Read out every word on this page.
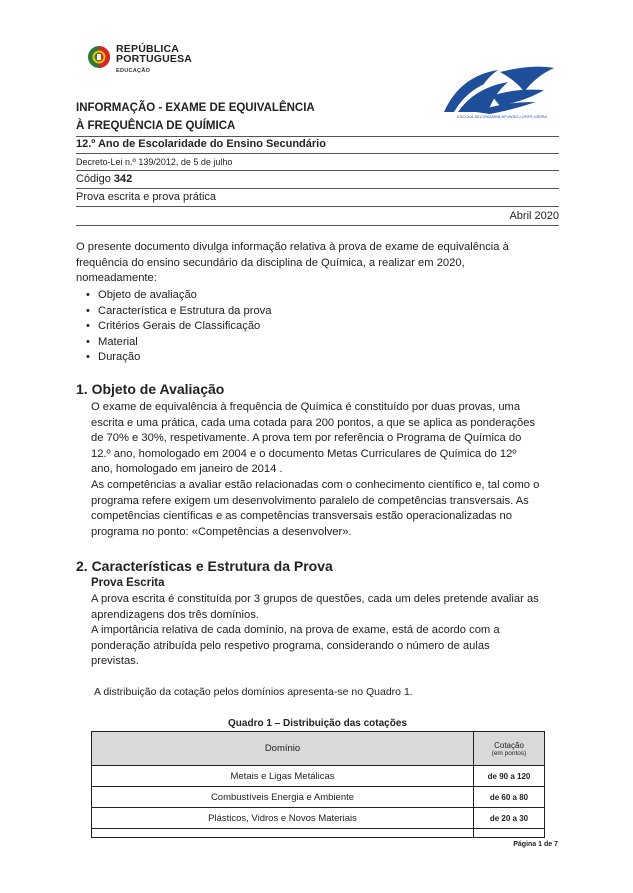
REPÚBLICA
PORTUGUESA
EDUCAÇÃO
ESCOLA SECUNDÁRIA AFONSO LOPES VIEIRA
INFORMAÇÃO - EXAME DE EQUIVALÊNCIA
À FREQUÊNCIA DE QUÍMICA
12.º Ano de Escolaridade do Ensino Secundário
Decreto-Lei n.º 139/2012, de 5 de julho
Código 342
Prova escrita e prova prática
Abril 2020
O presente documento divulga informação relativa à prova de exame de equivalência à
frequência do ensino secundário da disciplina de Química, a realizar em 2020,
nomeadamente:
• Objeto de avaliação
• Característica e Estrutura da prova
• Critérios Gerais de Classificação
• Material
• Duração
1. Objeto de Avaliação
O exame de equivalência à frequência de Química é constituído por duas provas, uma
escrita e uma prática, cada uma cotada para 200 pontos, a que se aplica as ponderações
de 70% e 30%, respetivamente. A prova tem por referência o Programa de Química do
12.º ano, homologado em 2004 e o documento Metas Curriculares de Química do 12º
ano, homologado em janeiro de 2014 .
As competências a avaliar estão relacionadas com o conhecimento científico e, tal como o
programa refere exigem um desenvolvimento paralelo de competências transversais. As
competências científicas e as competências transversais estão operacionalizadas no
programa no ponto: «Competências a desenvolver».
2. Características e Estrutura da Prova
Prova Escrita
A prova escrita é constituída por 3 grupos de questões, cada um deles pretende avaliar as
aprendizagens dos três domínios.
A importância relativa de cada domínio, na prova de exame, está de acordo com a
ponderação atribuída pelo respetivo programa, considerando o número de aulas
previstas.
A distribuição da cotação pelos domínios apresenta-se no Quadro 1.
Quadro 1 – Distribuição das cotações
Domínio	Cotação
(em pontos)

Metais e Ligas Metálicas	de 90 a 120
Combustíveis Energia e Ambiente	de 60 a 80
Plásticos, Vidros e Novos Materiais	de 20 a 30

Página 1 de 7
